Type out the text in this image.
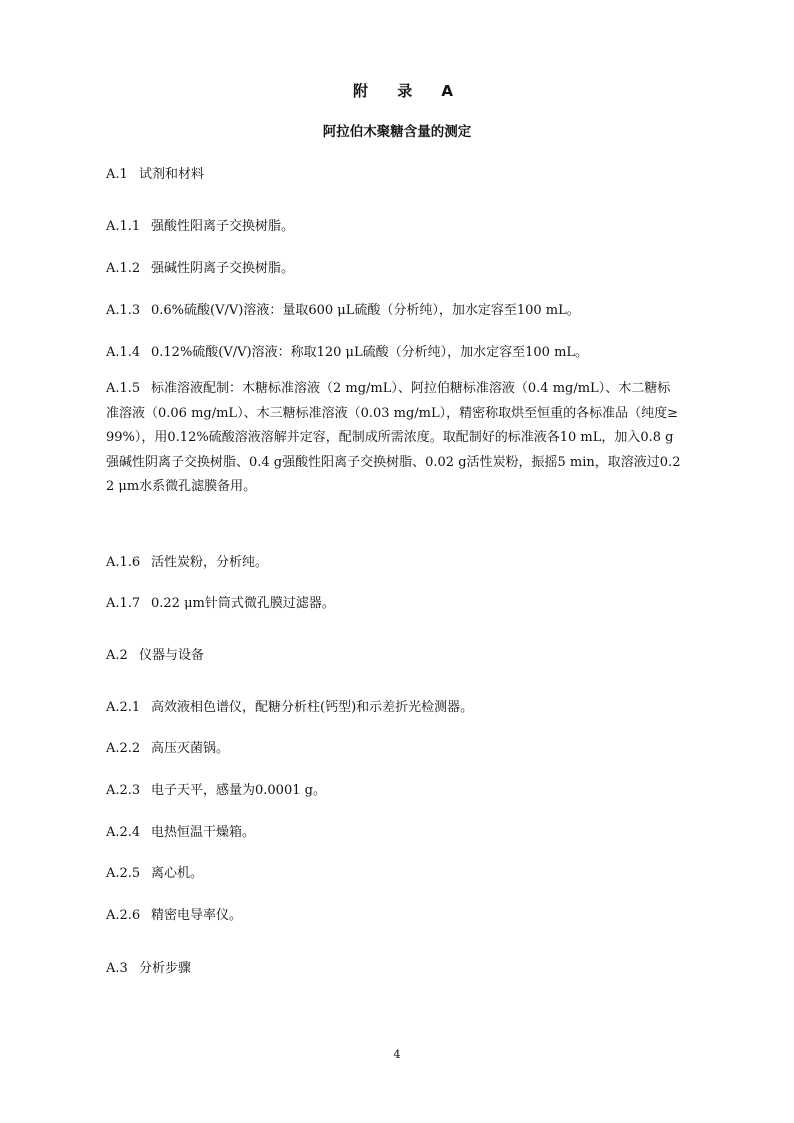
附 录 A
阿拉伯木聚糖含量的测定
A.1 试剂和材料
A.1.1 强酸性阳离子交换树脂。
A.1.2 强碱性阴离子交换树脂。
A.1.3 0.6%硫酸(V/V)溶液：量取600 μL硫酸（分析纯），加水定容至100 mL。
A.1.4 0.12%硫酸(V/V)溶液：称取120 μL硫酸（分析纯），加水定容至100 mL。
A.1.5 标准溶液配制：木糖标准溶液（2 mg/mL）、阿拉伯糖标准溶液（0.4 mg/mL）、木二糖标
准溶液（0.06 mg/mL）、木三糖标准溶液（0.03 mg/mL），精密称取烘至恒重的各标准品（纯度≥
99%），用0.12%硫酸溶液溶解并定容，配制成所需浓度。取配制好的标准液各10 mL，加入0.8 g
强碱性阴离子交换树脂、0.4 g强酸性阳离子交换树脂、0.02 g活性炭粉，振摇5 min，取溶液过0.2
2 μm水系微孔滤膜备用。
A.1.6 活性炭粉，分析纯。
A.1.7 0.22 μm针筒式微孔膜过滤器。
A.2 仪器与设备
A.2.1 高效液相色谱仪，配糖分析柱(钙型)和示差折光检测器。
A.2.2 高压灭菌锅。
A.2.3 电子天平，感量为0.0001 g。
A.2.4 电热恒温干燥箱。
A.2.5 离心机。
A.2.6 精密电导率仪。
A.3 分析步骤
4
